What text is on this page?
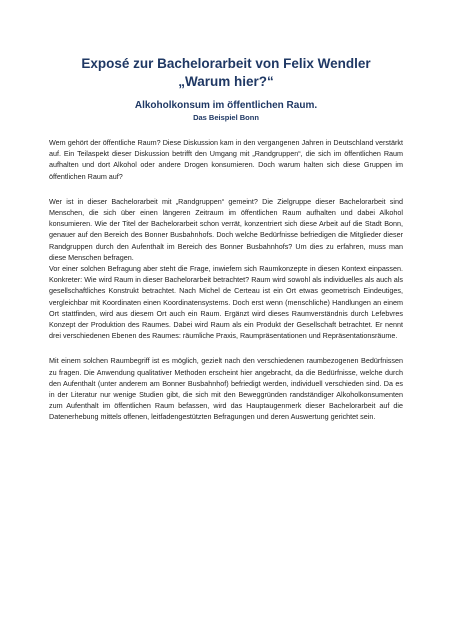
Exposé zur Bachelorarbeit von Felix Wendler
„Warum hier?“
Alkoholkonsum im öffentlichen Raum.
Das Beispiel Bonn

Wem gehört der öffentliche Raum? Diese Diskussion kam in den vergangenen Jahren in Deutschland verstärkt auf. Ein Teilaspekt dieser Diskussion betrifft den Umgang mit „Randgruppen“, die sich im öffentlichen Raum aufhalten und dort Alkohol oder andere Drogen konsumieren. Doch warum halten sich diese Gruppen im öffentlichen Raum auf?

Wer ist in dieser Bachelorarbeit mit „Randgruppen“ gemeint? Die Zielgruppe dieser Bachelorarbeit sind Menschen, die sich über einen längeren Zeitraum im öffentlichen Raum aufhalten und dabei Alkohol konsumieren. Wie der Titel der Bachelorarbeit schon verrät, konzentriert sich diese Arbeit auf die Stadt Bonn, genauer auf den Bereich des Bonner Busbahnhofs. Doch welche Bedürfnisse befriedigen die Mitglieder dieser Randgruppen durch den Aufenthalt im Bereich des Bonner Busbahnhofs? Um dies zu erfahren, muss man diese Menschen befragen.

Vor einer solchen Befragung aber steht die Frage, inwiefern sich Raumkonzepte in diesen Kontext einpassen. Konkreter: Wie wird Raum in dieser Bachelorarbeit betrachtet? Raum wird sowohl als individuelles als auch als gesellschaftliches Konstrukt betrachtet. Nach Michel de Certeau ist ein Ort etwas geometrisch Eindeutiges, vergleichbar mit Koordinaten einen Koordinatensystems. Doch erst wenn (menschliche) Handlungen an einem Ort stattfinden, wird aus diesem Ort auch ein Raum. Ergänzt wird dieses Raumverständnis durch Lefebvres Konzept der Produktion des Raumes. Dabei wird Raum als ein Produkt der Gesellschaft betrachtet. Er nennt drei verschiedenen Ebenen des Raumes: räumliche Praxis, Raumpräsentationen und Repräsentationsräume.

Mit einem solchen Raumbegriff ist es möglich, gezielt nach den verschiedenen raumbezogenen Bedürfnissen zu fragen. Die Anwendung qualitativer Methoden erscheint hier angebracht, da die Bedürfnisse, welche durch den Aufenthalt (unter anderem am Bonner Busbahnhof) befriedigt werden, individuell verschieden sind. Da es in der Literatur nur wenige Studien gibt, die sich mit den Beweggründen randständiger Alkoholkonsumenten zum Aufenthalt im öffentlichen Raum befassen, wird das Hauptaugenmerk dieser Bachelorarbeit auf die Datenerhebung mittels offenen, leitfadengestützten Befragungen und deren Auswertung gerichtet sein.
